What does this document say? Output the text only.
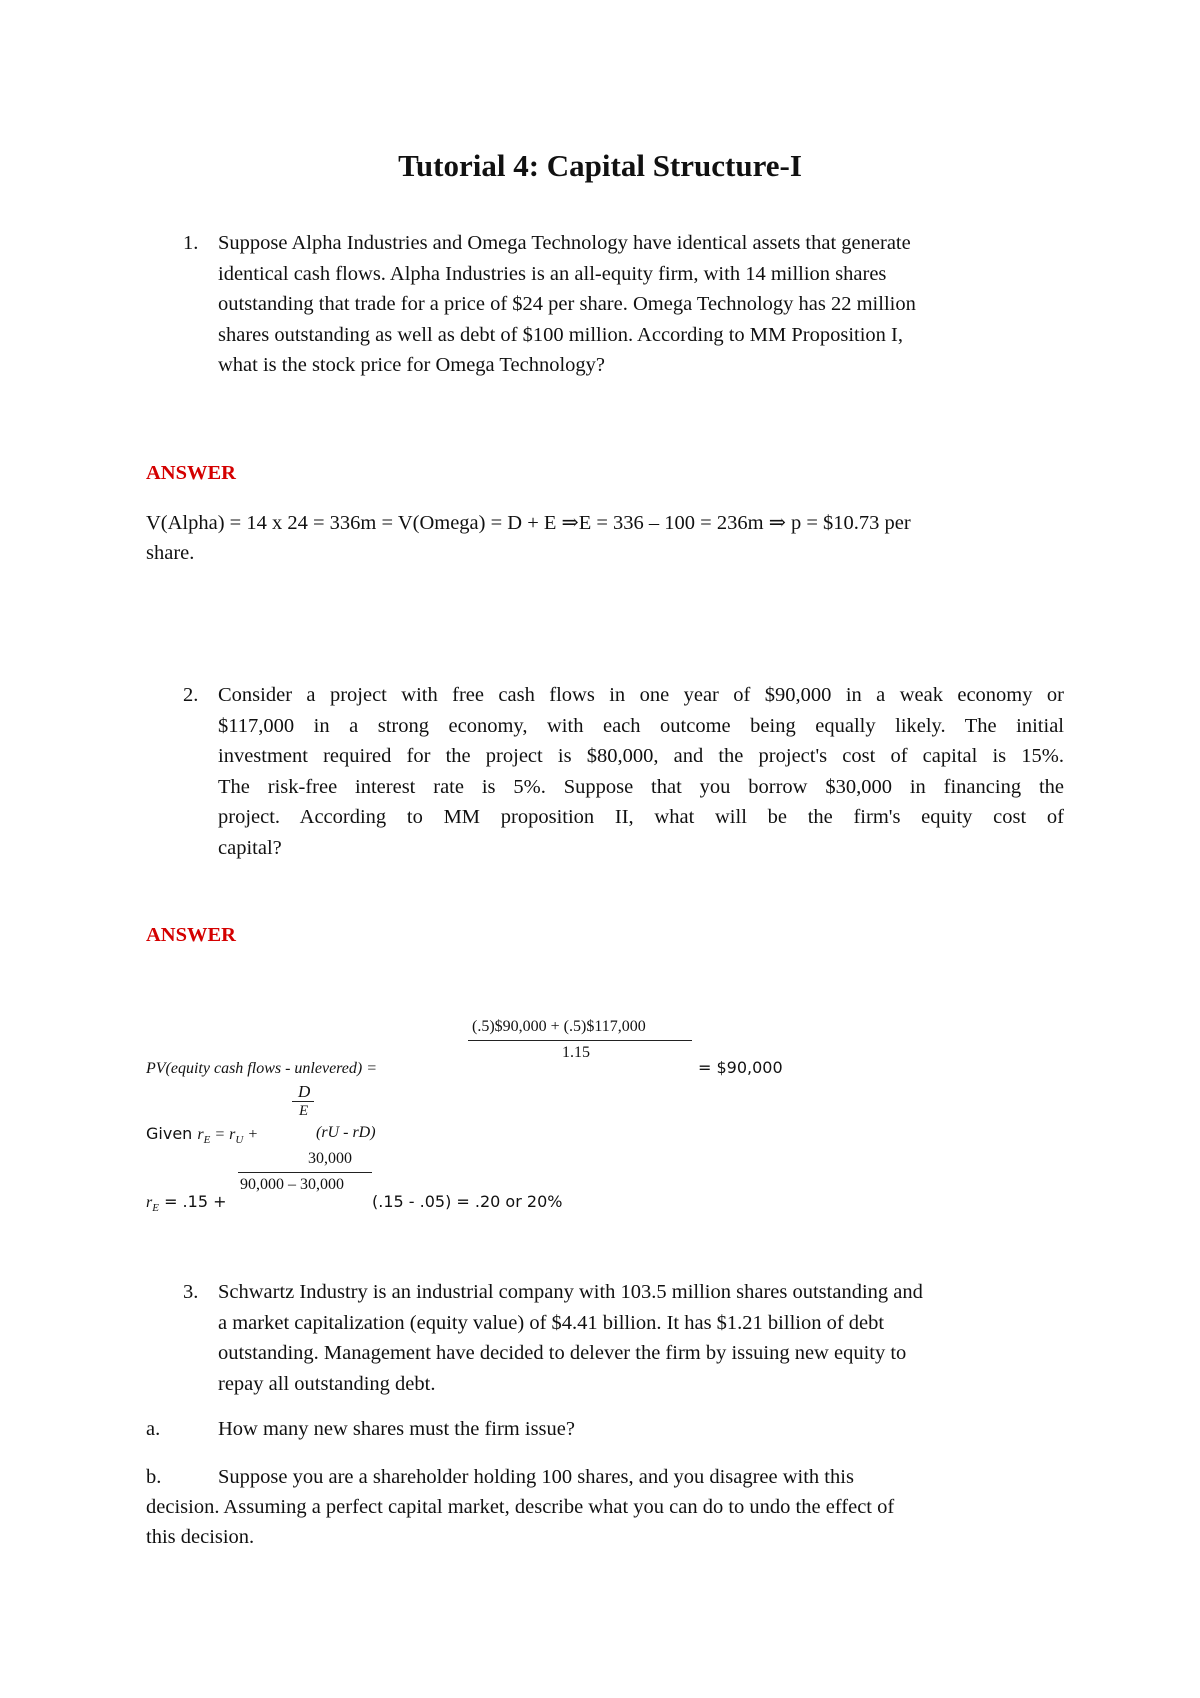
Tutorial 4: Capital Structure-I
1. Suppose Alpha Industries and Omega Technology have identical assets that generate
identical cash flows. Alpha Industries is an all-equity firm, with 14 million shares
outstanding that trade for a price of $24 per share. Omega Technology has 22 million
shares outstanding as well as debt of $100 million. According to MM Proposition I,
what is the stock price for Omega Technology?
ANSWER
V(Alpha) = 14 x 24 = 336m = V(Omega) = D + E ⇒E = 336 – 100 = 236m ⇒ p = $10.73 per
share.
2. Consider a project with free cash flows in one year of $90,000 in a weak economy or
$117,000 in a strong economy, with each outcome being equally likely. The initial
investment required for the project is $80,000, and the project's cost of capital is 15%.
The risk-free interest rate is 5%. Suppose that you borrow $30,000 in financing the
project. According to MM proposition II, what will be the firm's equity cost of
capital?
ANSWER
(.5)$90,000 + (.5)$117,000
1.15
PV(equity cash flows - unlevered) =	= $90,000
D
E
Given $r_E = r_U$ +	(rU - rD)
30,000
90,000 – 30,000
$r_E = .15$ +	(.15 - .05) = .20 or 20%
3. Schwartz Industry is an industrial company with 103.5 million shares outstanding and
a market capitalization (equity value) of $4.41 billion. It has $1.21 billion of debt
outstanding. Management have decided to delever the firm by issuing new equity to
repay all outstanding debt.
a.	How many new shares must the firm issue?
b.	Suppose you are a shareholder holding 100 shares, and you disagree with this
decision. Assuming a perfect capital market, describe what you can do to undo the effect of
this decision.
